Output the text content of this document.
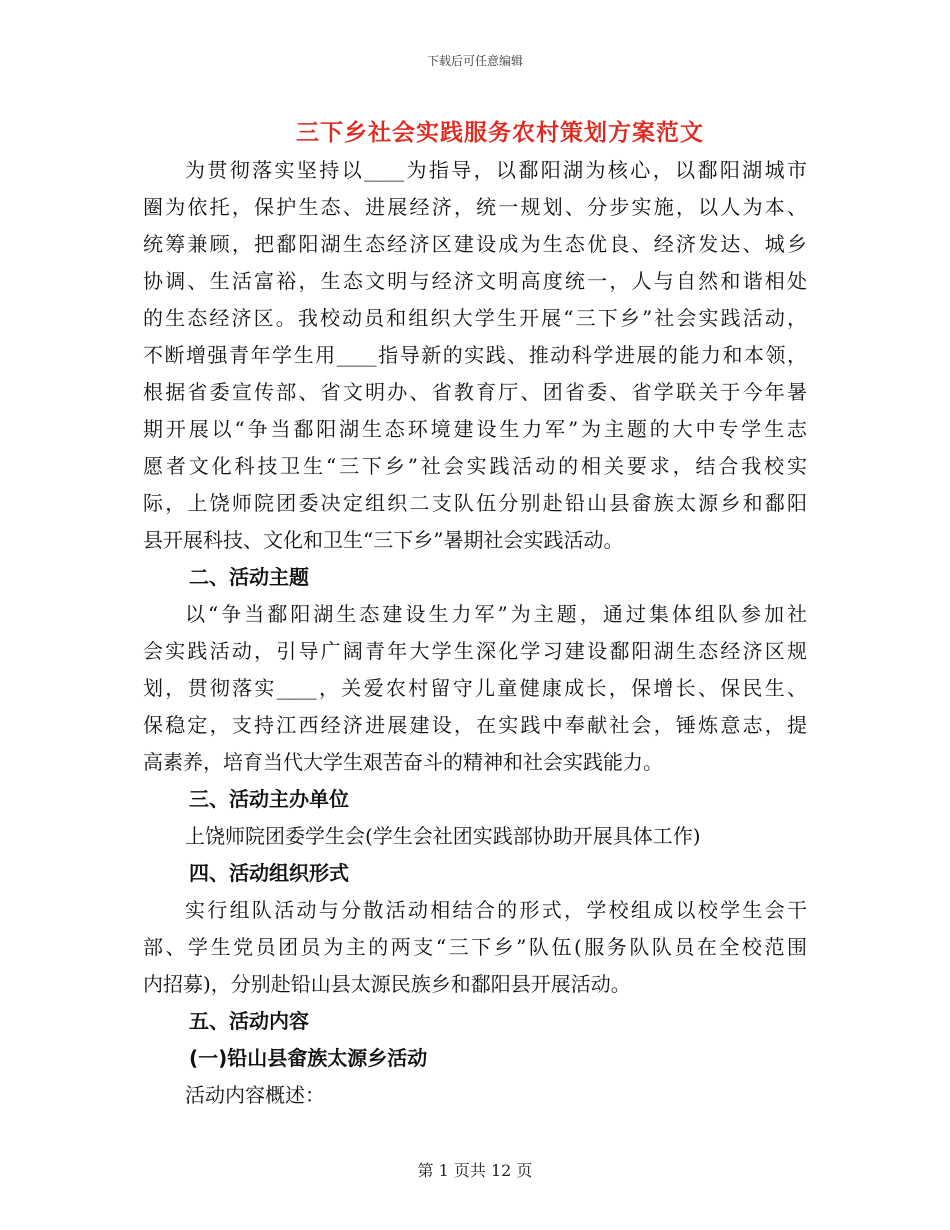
下载后可任意编辑
三下乡社会实践服务农村策划方案范文
为贯彻落实坚持以____为指导，以鄱阳湖为核心，以鄱阳湖城市
圈为依托，保护生态、进展经济，统一规划、分步实施，以人为本、
统筹兼顾，把鄱阳湖生态经济区建设成为生态优良、经济发达、城乡
协调、生活富裕，生态文明与经济文明高度统一，人与自然和谐相处
的生态经济区。我校动员和组织大学生开展“三下乡”社会实践活动，
不断增强青年学生用____指导新的实践、推动科学进展的能力和本领，
根据省委宣传部、省文明办、省教育厅、团省委、省学联关于今年暑
期开展以“争当鄱阳湖生态环境建设生力军”为主题的大中专学生志
愿者文化科技卫生“三下乡”社会实践活动的相关要求，结合我校实
际，上饶师院团委决定组织二支队伍分别赴铅山县畲族太源乡和鄱阳
县开展科技、文化和卫生“三下乡”暑期社会实践活动。
二、活动主题
以“争当鄱阳湖生态建设生力军”为主题，通过集体组队参加社
会实践活动，引导广阔青年大学生深化学习建设鄱阳湖生态经济区规
划，贯彻落实____，关爱农村留守儿童健康成长，保增长、保民生、
保稳定，支持江西经济进展建设，在实践中奉献社会，锤炼意志，提
高素养，培育当代大学生艰苦奋斗的精神和社会实践能力。
三、活动主办单位
上饶师院团委学生会(学生会社团实践部协助开展具体工作)
四、活动组织形式
实行组队活动与分散活动相结合的形式，学校组成以校学生会干
部、学生党员团员为主的两支“三下乡”队伍(服务队队员在全校范围
内招募)，分别赴铅山县太源民族乡和鄱阳县开展活动。
五、活动内容
(一)铅山县畲族太源乡活动
活动内容概述：
第 1 页共 12 页
